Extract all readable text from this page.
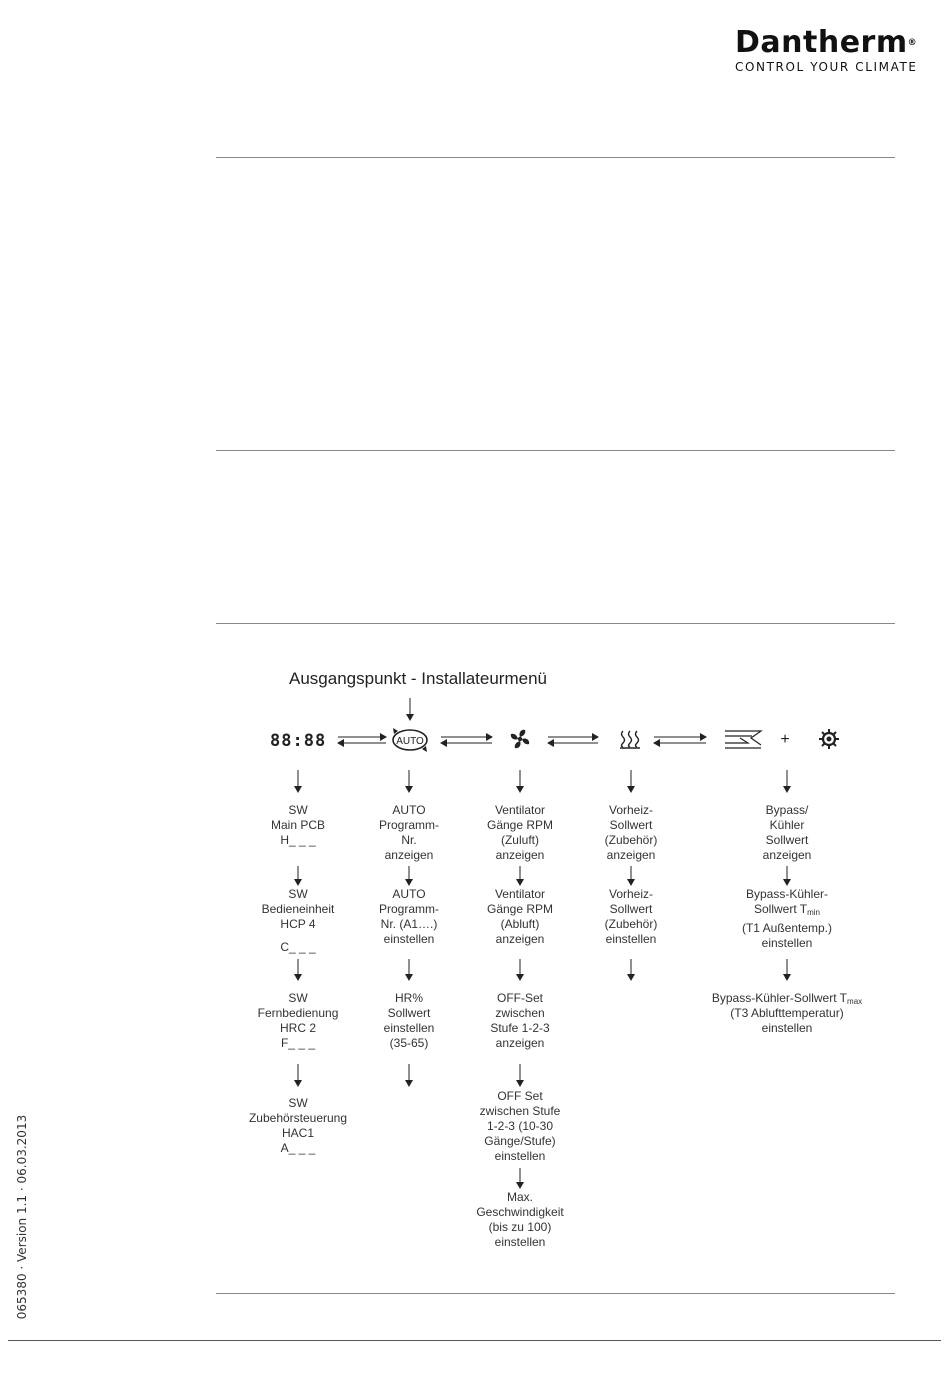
Dantherm®
CONTROL YOUR CLIMATE
065380 · Version 1.1 · 06.03.2013
Ausgangspunkt - Installateurmenü
AUTO	+
88:88
SW
Main PCB
H_ _ _
SW
Bedieneinheit
HCP 4
C_ _ _
SW
Fernbedienung
HRC 2
F_ _ _
SW
Zubehörsteuerung
HAC1
A_ _ _
AUTO
Programm-
Nr.
anzeigen
AUTO
Programm-
Nr. (A1….)
einstellen
HR%
Sollwert
einstellen
(35-65)
Ventilator
Gänge RPM
(Zuluft)
anzeigen
Ventilator
Gänge RPM
(Abluft)
anzeigen
OFF-Set
zwischen
Stufe 1-2-3
anzeigen
OFF Set
zwischen Stufe
1-2-3 (10-30
Gänge/Stufe)
einstellen
Max.
Geschwindigkeit
(bis zu 100)
einstellen
Vorheiz-
Sollwert
(Zubehör)
anzeigen
Vorheiz-
Sollwert
(Zubehör)
einstellen
Bypass/
Kühler
Sollwert
anzeigen
Bypass-Kühler-
Sollwert $T_{min}$
(T1 Außentemp.)
einstellen
Bypass-Kühler-Sollwert $T_{max}$
(T3 Ablufttemperatur)
einstellen
